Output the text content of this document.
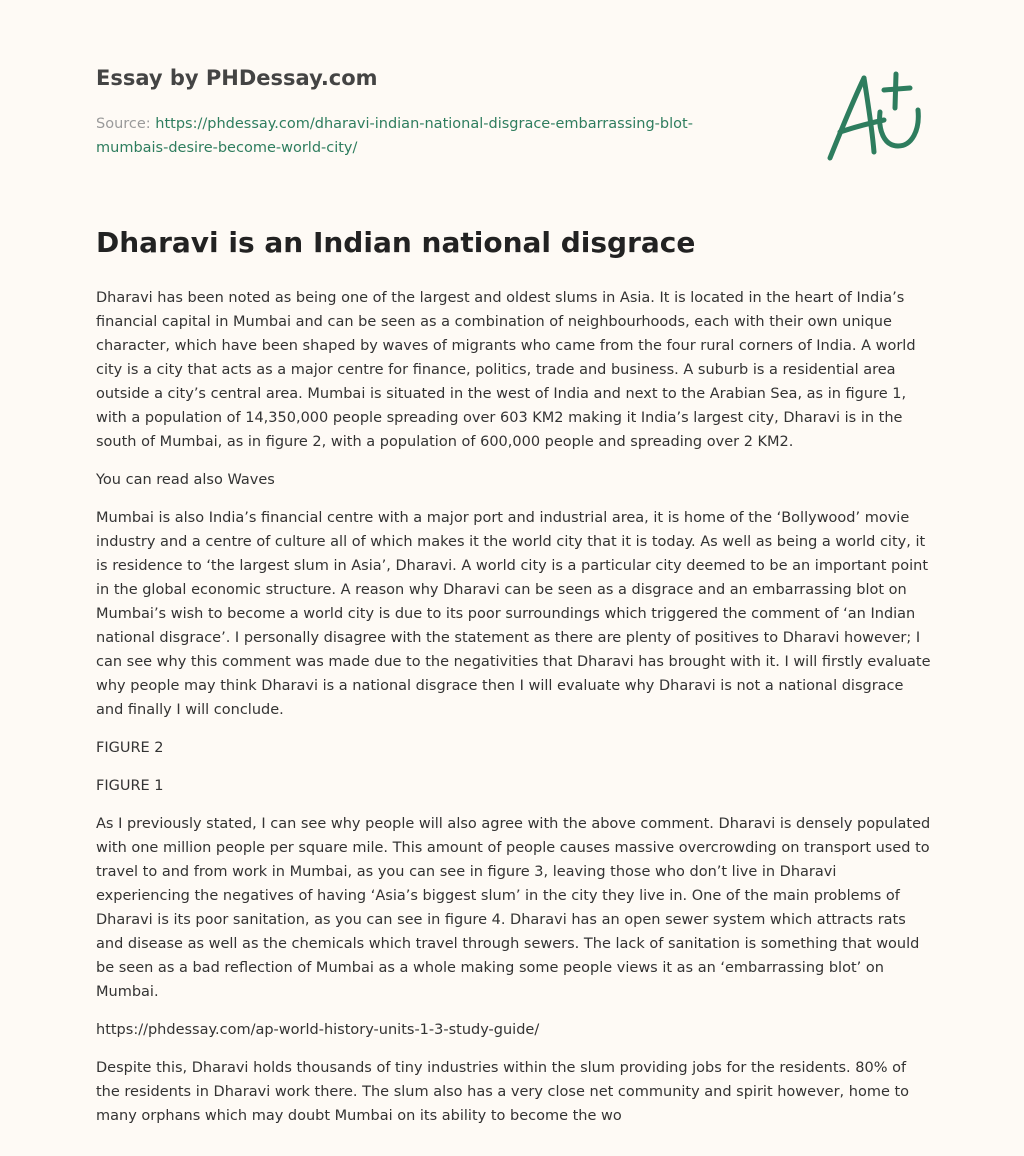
Essay by PHDessay.com
Source: https://phdessay.com/dharavi-indian-national-disgrace-embarrassing-blot-mumbais-desire-become-world-city/
Dharavi is an Indian national disgrace

Dharavi has been noted as being one of the largest and oldest slums in Asia. It is located in the heart of India’s financial capital in Mumbai and can be seen as a combination of neighbourhoods, each with their own unique character, which have been shaped by waves of migrants who came from the four rural corners of India. A world city is a city that acts as a major centre for finance, politics, trade and business. A suburb is a residential area outside a city’s central area. Mumbai is situated in the west of India and next to the Arabian Sea, as in figure 1, with a population of 14,350,000 people spreading over 603 KM2 making it India’s largest city, Dharavi is in the south of Mumbai, as in figure 2, with a population of 600,000 people and spreading over 2 KM2.

You can read also Waves

Mumbai is also India’s financial centre with a major port and industrial area, it is home of the ‘Bollywood’ movie industry and a centre of culture all of which makes it the world city that it is today. As well as being a world city, it is residence to ‘the largest slum in Asia’, Dharavi. A world city is a particular city deemed to be an important point in the global economic structure. A reason why Dharavi can be seen as a disgrace and an embarrassing blot on Mumbai’s wish to become a world city is due to its poor surroundings which triggered the comment of ‘an Indian national disgrace’. I personally disagree with the statement as there are plenty of positives to Dharavi however; I can see why this comment was made due to the negativities that Dharavi has brought with it. I will firstly evaluate why people may think Dharavi is a national disgrace then I will evaluate why Dharavi is not a national disgrace and finally I will conclude.

FIGURE 2

FIGURE 1

As I previously stated, I can see why people will also agree with the above comment. Dharavi is densely populated with one million people per square mile. This amount of people causes massive overcrowding on transport used to travel to and from work in Mumbai, as you can see in figure 3, leaving those who don’t live in Dharavi experiencing the negatives of having ‘Asia’s biggest slum’ in the city they live in. One of the main problems of Dharavi is its poor sanitation, as you can see in figure 4. Dharavi has an open sewer system which attracts rats and disease as well as the chemicals which travel through sewers. The lack of sanitation is something that would be seen as a bad reflection of Mumbai as a whole making some people views it as an ‘embarrassing blot’ on Mumbai.

https://phdessay.com/ap-world-history-units-1-3-study-guide/

Despite this, Dharavi holds thousands of tiny industries within the slum providing jobs for the residents. 80% of the residents in Dharavi work there. The slum also has a very close net community and spirit however, home to many orphans which may doubt Mumbai on its ability to become the wo
